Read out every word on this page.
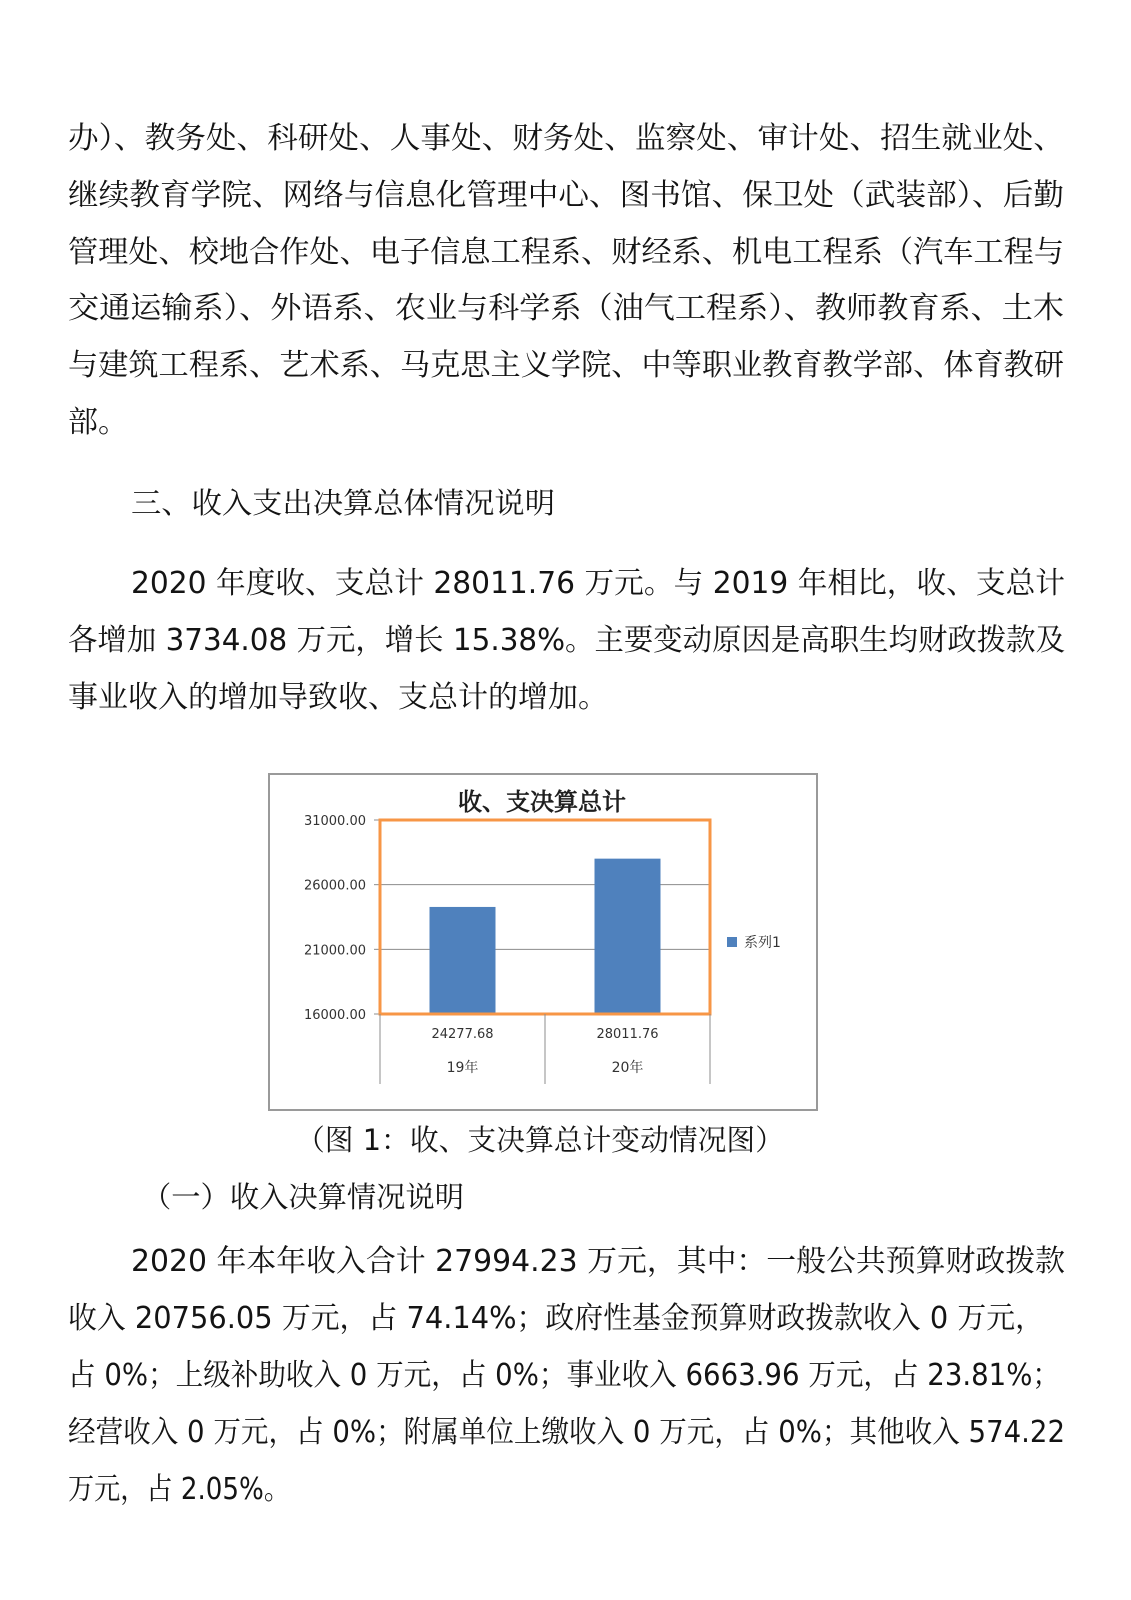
办）、教务处、科研处、人事处、财务处、监察处、审计处、招生就业处、
继续教育学院、网络与信息化管理中心、图书馆、保卫处（武装部）、后勤
管理处、校地合作处、电子信息工程系、财经系、机电工程系（汽车工程与
交通运输系）、外语系、农业与科学系（油气工程系）、教师教育系、土木
与建筑工程系、艺术系、马克思主义学院、中等职业教育教学部、体育教研
部。
三、收入支出决算总体情况说明
2020 年度收、支总计 28011.76 万元。与 2019 年相比，收、支总计
各增加 3734.08 万元，增长 15.38%。主要变动原因是高职生均财政拨款及
事业收入的增加导致收、支总计的增加。
（图 1：收、支决算总计变动情况图）
（一）收入决算情况说明
2020 年本年收入合计 27994.23 万元，其中：一般公共预算财政拨款
收入 20756.05 万元，占 74.14%；政府性基金预算财政拨款收入 0 万元，
占 0%；上级补助收入 0 万元，占 0%；事业收入 6663.96 万元，占 23.81%；
经营收入 0 万元，占 0%；附属单位上缴收入 0 万元，占 0%；其他收入 574.22
万元，占 2.05%。
收、支决算总计
16000.00
21000.00
26000.00
31000.00
24277.68
19年
28011.76
20年
系列1
